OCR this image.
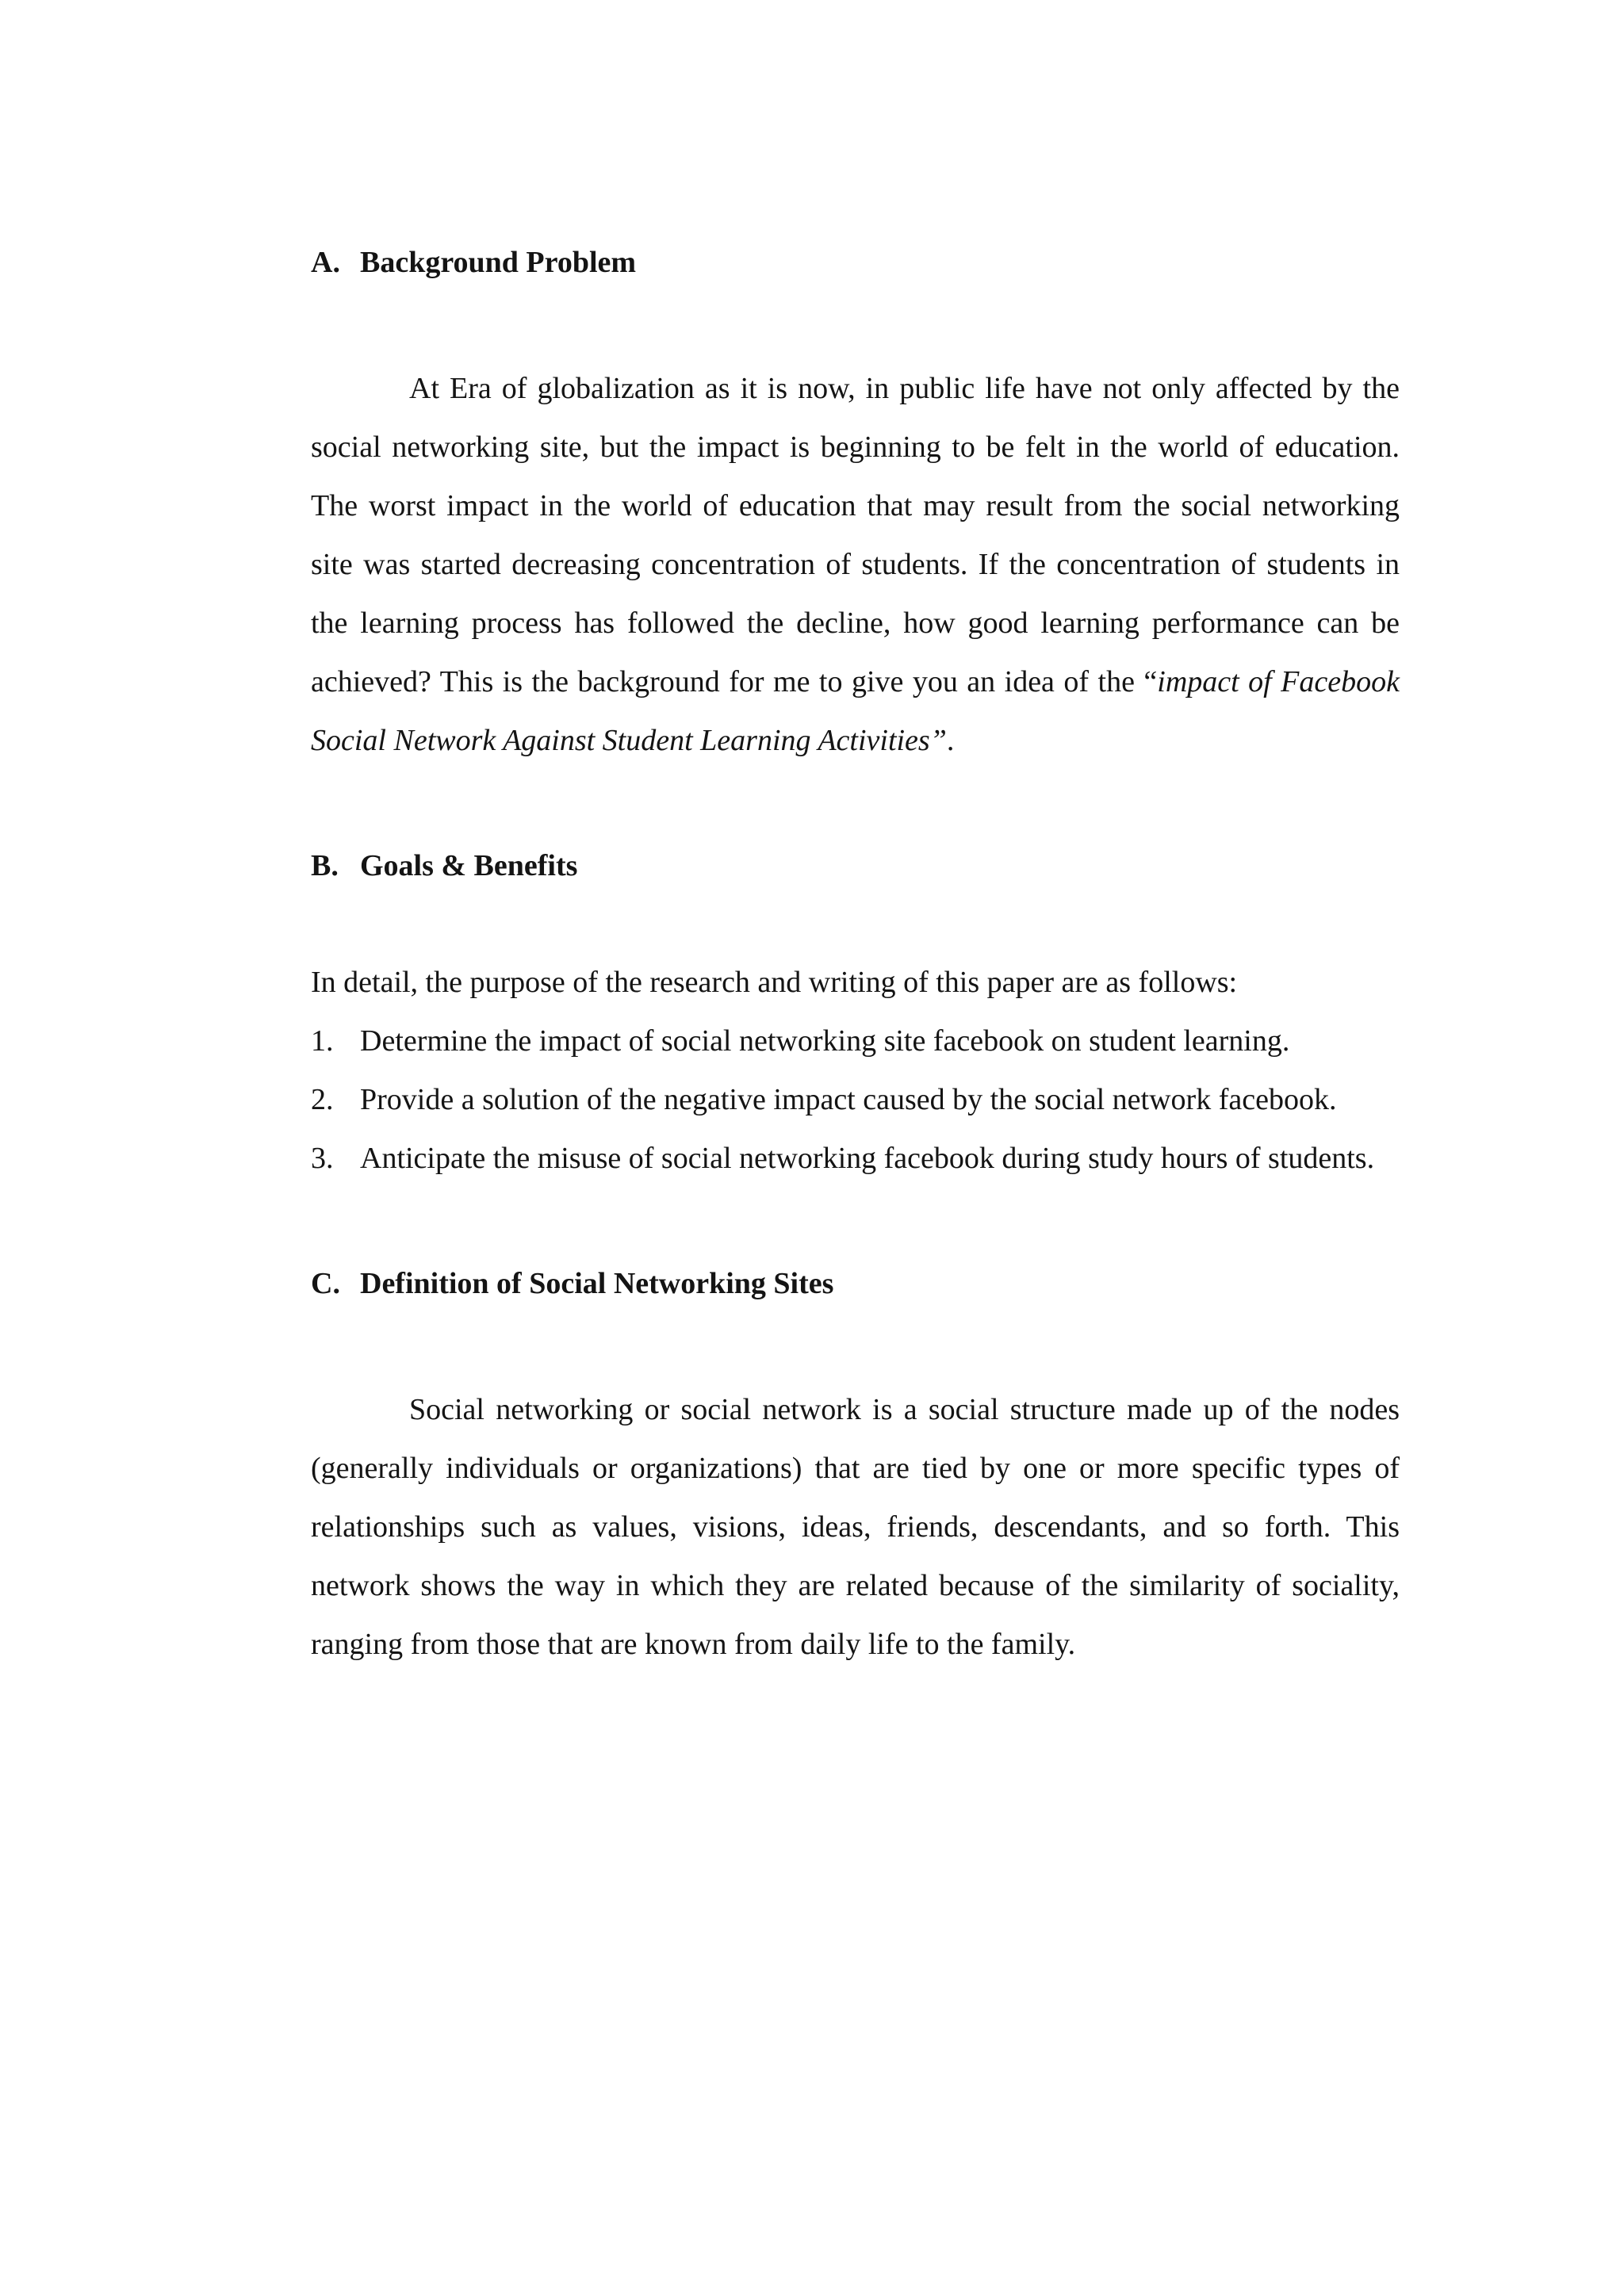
A. Background Problem

At Era of globalization as it is now, in public life have not only affected by the social networking site, but the impact is beginning to be felt in the world of education. The worst impact in the world of education that may result from the social networking site was started decreasing concentration of students. If the concentration of students in the learning process has followed the decline, how good learning performance can be achieved? This is the background for me to give you an idea of the “impact of Facebook Social Network Against Student Learning Activities”.

B. Goals & Benefits

In detail, the purpose of the research and writing of this paper are as follows:

1. Determine the impact of social networking site facebook on student learning.
2. Provide a solution of the negative impact caused by the social network facebook.
3. Anticipate the misuse of social networking facebook during study hours of students.
C. Definition of Social Networking Sites

Social networking or social network is a social structure made up of the nodes (generally individuals or organizations) that are tied by one or more specific types of relationships such as values, visions, ideas, friends, descendants, and so forth. This network shows the way in which they are related because of the similarity of sociality, ranging from those that are known from daily life to the family.
